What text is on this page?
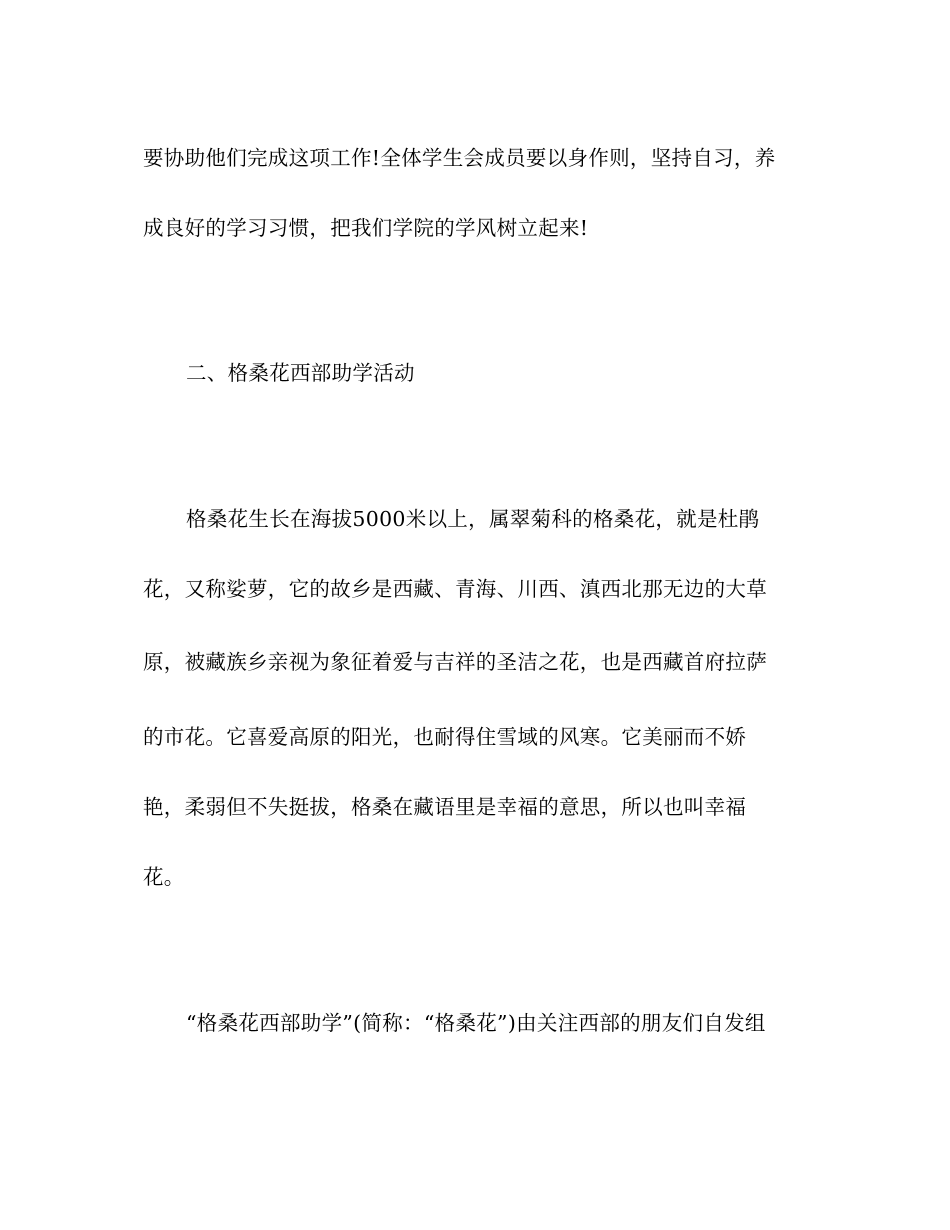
要协助他们完成这项工作!全体学生会成员要以身作则，坚持自习，养
成良好的学习习惯，把我们学院的学风树立起来!
二、格桑花西部助学活动
格桑花生长在海拔5000米以上，属翠菊科的格桑花，就是杜鹃
花，又称娑萝，它的故乡是西藏、青海、川西、滇西北那无边的大草
原，被藏族乡亲视为象征着爱与吉祥的圣洁之花，也是西藏首府拉萨
的市花。它喜爱高原的阳光，也耐得住雪域的风寒。它美丽而不娇
艳，柔弱但不失挺拔，格桑在藏语里是幸福的意思，所以也叫幸福
花。
“格桑花西部助学”(简称：“格桑花”)由关注西部的朋友们自发组
